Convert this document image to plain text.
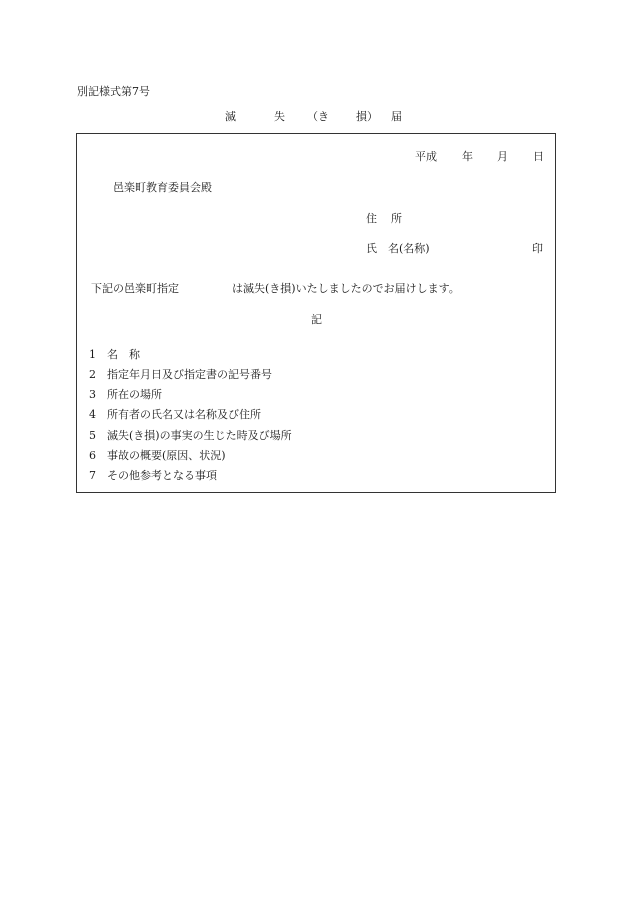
別記様式第7号
滅	失 （き 損） 届
平成 年 月 日
邑楽町教育委員会殿
住 所
氏 名(名称)	印
下記の邑楽町指定	は滅失(き損)いたしましたのでお届けします。
記
1 名　称
2 指定年月日及び指定書の記号番号
3 所在の場所
4 所有者の氏名又は名称及び住所
5 滅失(き損)の事実の生じた時及び場所
6 事故の概要(原因、状況)
7 その他参考となる事項
